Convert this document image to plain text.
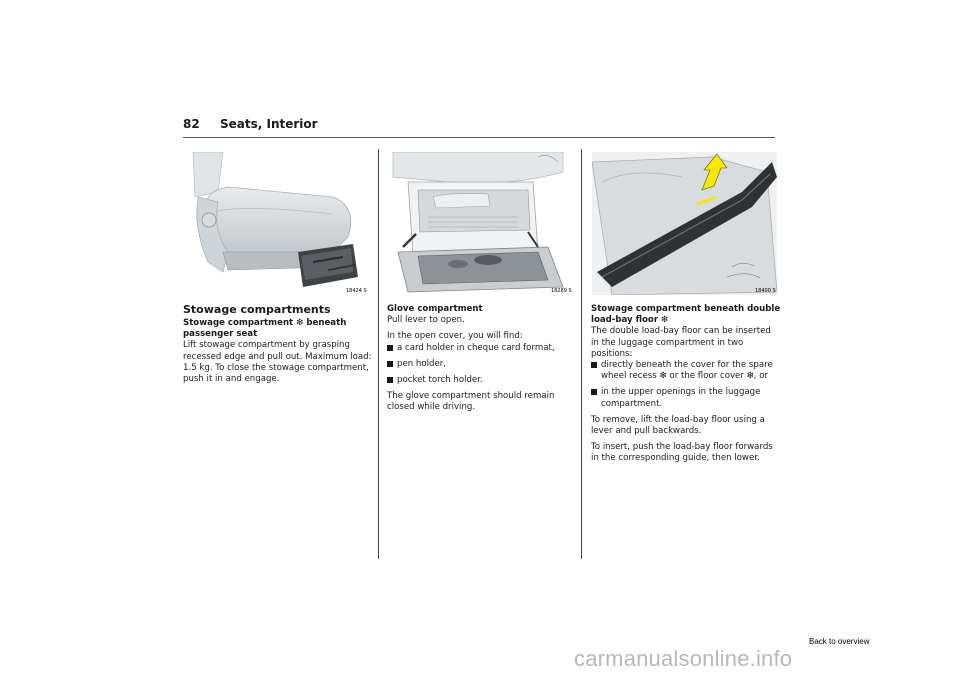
82 Seats, Interior
18424 S	18289 S	18400 S
Stowage compartments

Stowage compartment ❇ beneath passenger seat

Lift stowage compartment by grasping recessed edge and pull out. Maximum load: 1.5 kg. To close the stowage compartment, push it in and engage.

Glove compartment

Pull lever to open.

In the open cover, you will find:

a card holder in cheque card format,
pen holder,
pocket torch holder.

The glove compartment should remain closed while driving.

Stowage compartment beneath double load-bay floor ❇

The double load-bay floor can be inserted in the luggage compartment in two positions:

directly beneath the cover for the spare wheel recess ❇ or the floor cover ❇, or
in the upper openings in the luggage compartment.

To remove, lift the load-bay floor using a lever and pull backwards.

To insert, push the load-bay floor forwards in the corresponding guide, then lower.

Back to overview
carmanualsonline.info
